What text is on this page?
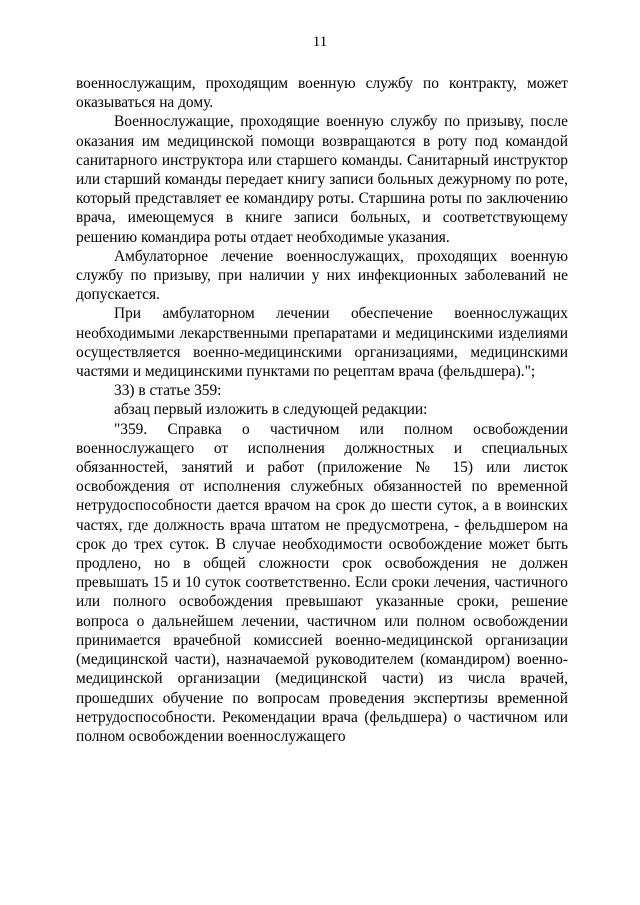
11

военнослужащим, проходящим военную службу по контракту, может оказываться на дому.

Военнослужащие, проходящие военную службу по призыву, после оказания им медицинской помощи возвращаются в роту под командой санитарного инструктора или старшего команды. Санитарный инструктор или старший команды передает книгу записи больных дежурному по роте, который представляет ее командиру роты. Старшина роты по заключению врача, имеющемуся в книге записи больных, и соответствующему решению командира роты отдает необходимые указания.

Амбулаторное лечение военнослужащих, проходящих военную службу по призыву, при наличии у них инфекционных заболеваний не допускается.

При амбулаторном лечении обеспечение военнослужащих необходимыми лекарственными препаратами и медицинскими изделиями осуществляется военно-медицинскими организациями, медицинскими частями и медицинскими пунктами по рецептам врача (фельдшера).";

33) в статье 359:

абзац первый изложить в следующей редакции:

"359. Справка о частичном или полном освобождении военнослужащего от исполнения должностных и специальных обязанностей, занятий и работ (приложение № 15) или листок освобождения от исполнения служебных обязанностей по временной нетрудоспособности дается врачом на срок до шести суток, а в воинских частях, где должность врача штатом не предусмотрена, - фельдшером на срок до трех суток. В случае необходимости освобождение может быть продлено, но в общей сложности срок освобождения не должен превышать 15 и 10 суток соответственно. Если сроки лечения, частичного или полного освобождения превышают указанные сроки, решение вопроса о дальнейшем лечении, частичном или полном освобождении принимается врачебной комиссией военно-медицинской организации (медицинской части), назначаемой руководителем (командиром) военно-медицинской организации (медицинской части) из числа врачей, прошедших обучение по вопросам проведения экспертизы временной нетрудоспособности. Рекомендации врача (фельдшера) о частичном или полном освобождении военнослужащего
